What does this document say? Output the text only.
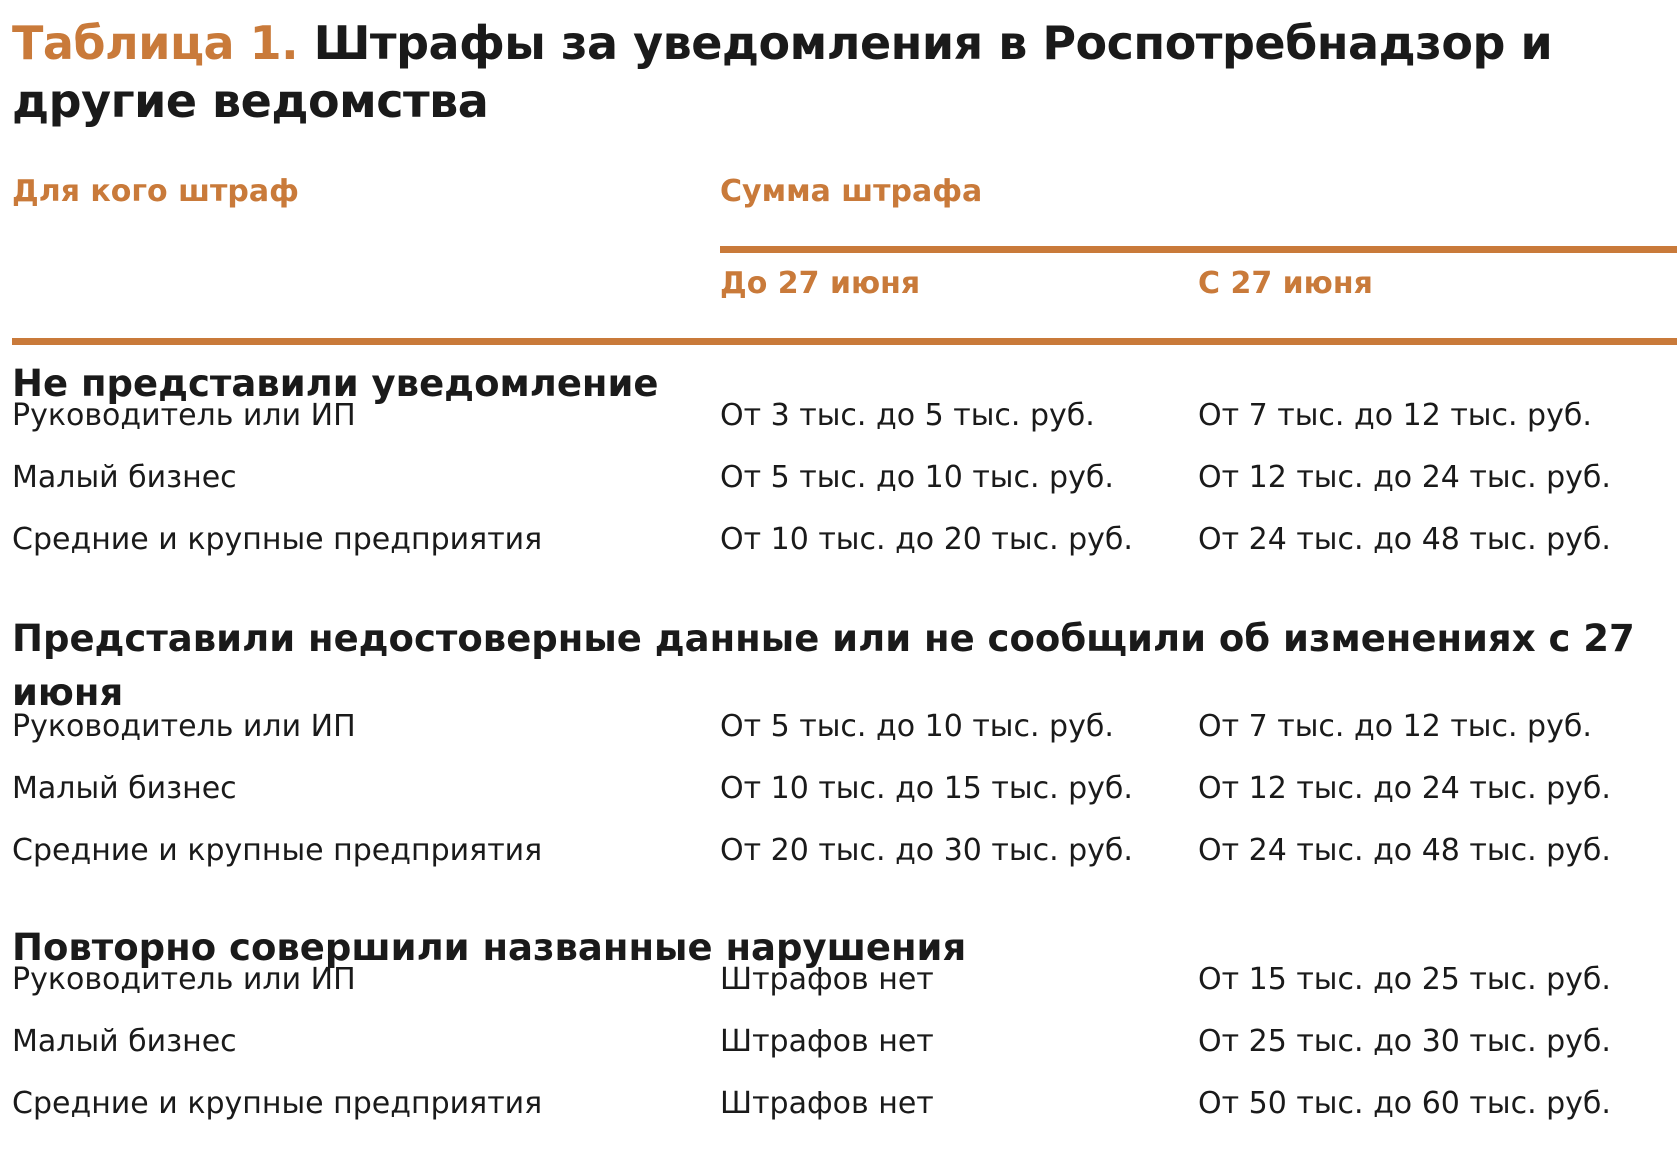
Таблица 1. Штрафы за уведомления в Роспотребнадзор и другие ведомства
Для кого штраф	Сумма штрафа
До 27 июня	С 27 июня
Не представили уведомление
Руководитель или ИП	От 3 тыс. до 5 тыс. руб.	От 7 тыс. до 12 тыс. руб.
Малый бизнес	От 5 тыс. до 10 тыс. руб.	От 12 тыс. до 24 тыс. руб.
Средние и крупные предприятия	От 10 тыс. до 20 тыс. руб. От 24 тыс. до 48 тыс. руб.
Представили недостоверные данные или не сообщили об изменениях с 27 июня
Руководитель или ИП	От 5 тыс. до 10 тыс. руб.	От 7 тыс. до 12 тыс. руб.
Малый бизнес	От 10 тыс. до 15 тыс. руб. От 12 тыс. до 24 тыс. руб.
Средние и крупные предприятия	От 20 тыс. до 30 тыс. руб. От 24 тыс. до 48 тыс. руб.
Повторно совершили названные нарушения
Руководитель или ИП	Штрафов нет	От 15 тыс. до 25 тыс. руб.
Малый бизнес	Штрафов нет	От 25 тыс. до 30 тыс. руб.
Средние и крупные предприятия	Штрафов нет	От 50 тыс. до 60 тыс. руб.
